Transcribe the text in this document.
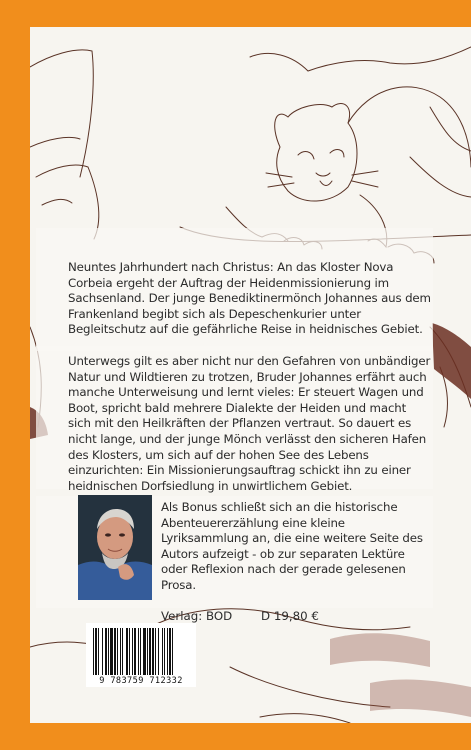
Neuntes Jahrhundert nach Christus: An das Kloster Nova Corbeia ergeht der Auftrag der Heidenmissionierung im Sachsenland. Der junge Benediktinermönch Johannes aus dem Frankenland begibt sich als Depeschenkurier unter Begleitschutz auf die gefährliche Reise in heidnisches Gebiet.

Unterwegs gilt es aber nicht nur den Gefahren von unbändiger Natur und Wildtieren zu trotzen, Bruder Johannes erfährt auch manche Unterweisung und lernt vieles: Er steuert Wagen und Boot, spricht bald mehrere Dialekte der Heiden und macht sich mit den Heilkräften der Pflanzen vertraut. So dauert es nicht lange, und der junge Mönch verlässt den sicheren Hafen des Klosters, um sich auf der hohen See des Lebens einzurichten: Ein Missionierungsauftrag schickt ihn zu einer heidnischen Dorfsiedlung in unwirtlichem Gebiet.

Als Bonus schließt sich an die historische Abenteuererzählung eine kleine Lyriksammlung an, die eine weitere Seite des Autors aufzeigt - ob zur separaten Lektüre oder Reflexion nach der gerade gelesenen Prosa.

Verlag: BOD D 19,80 €
9 783759 712332
